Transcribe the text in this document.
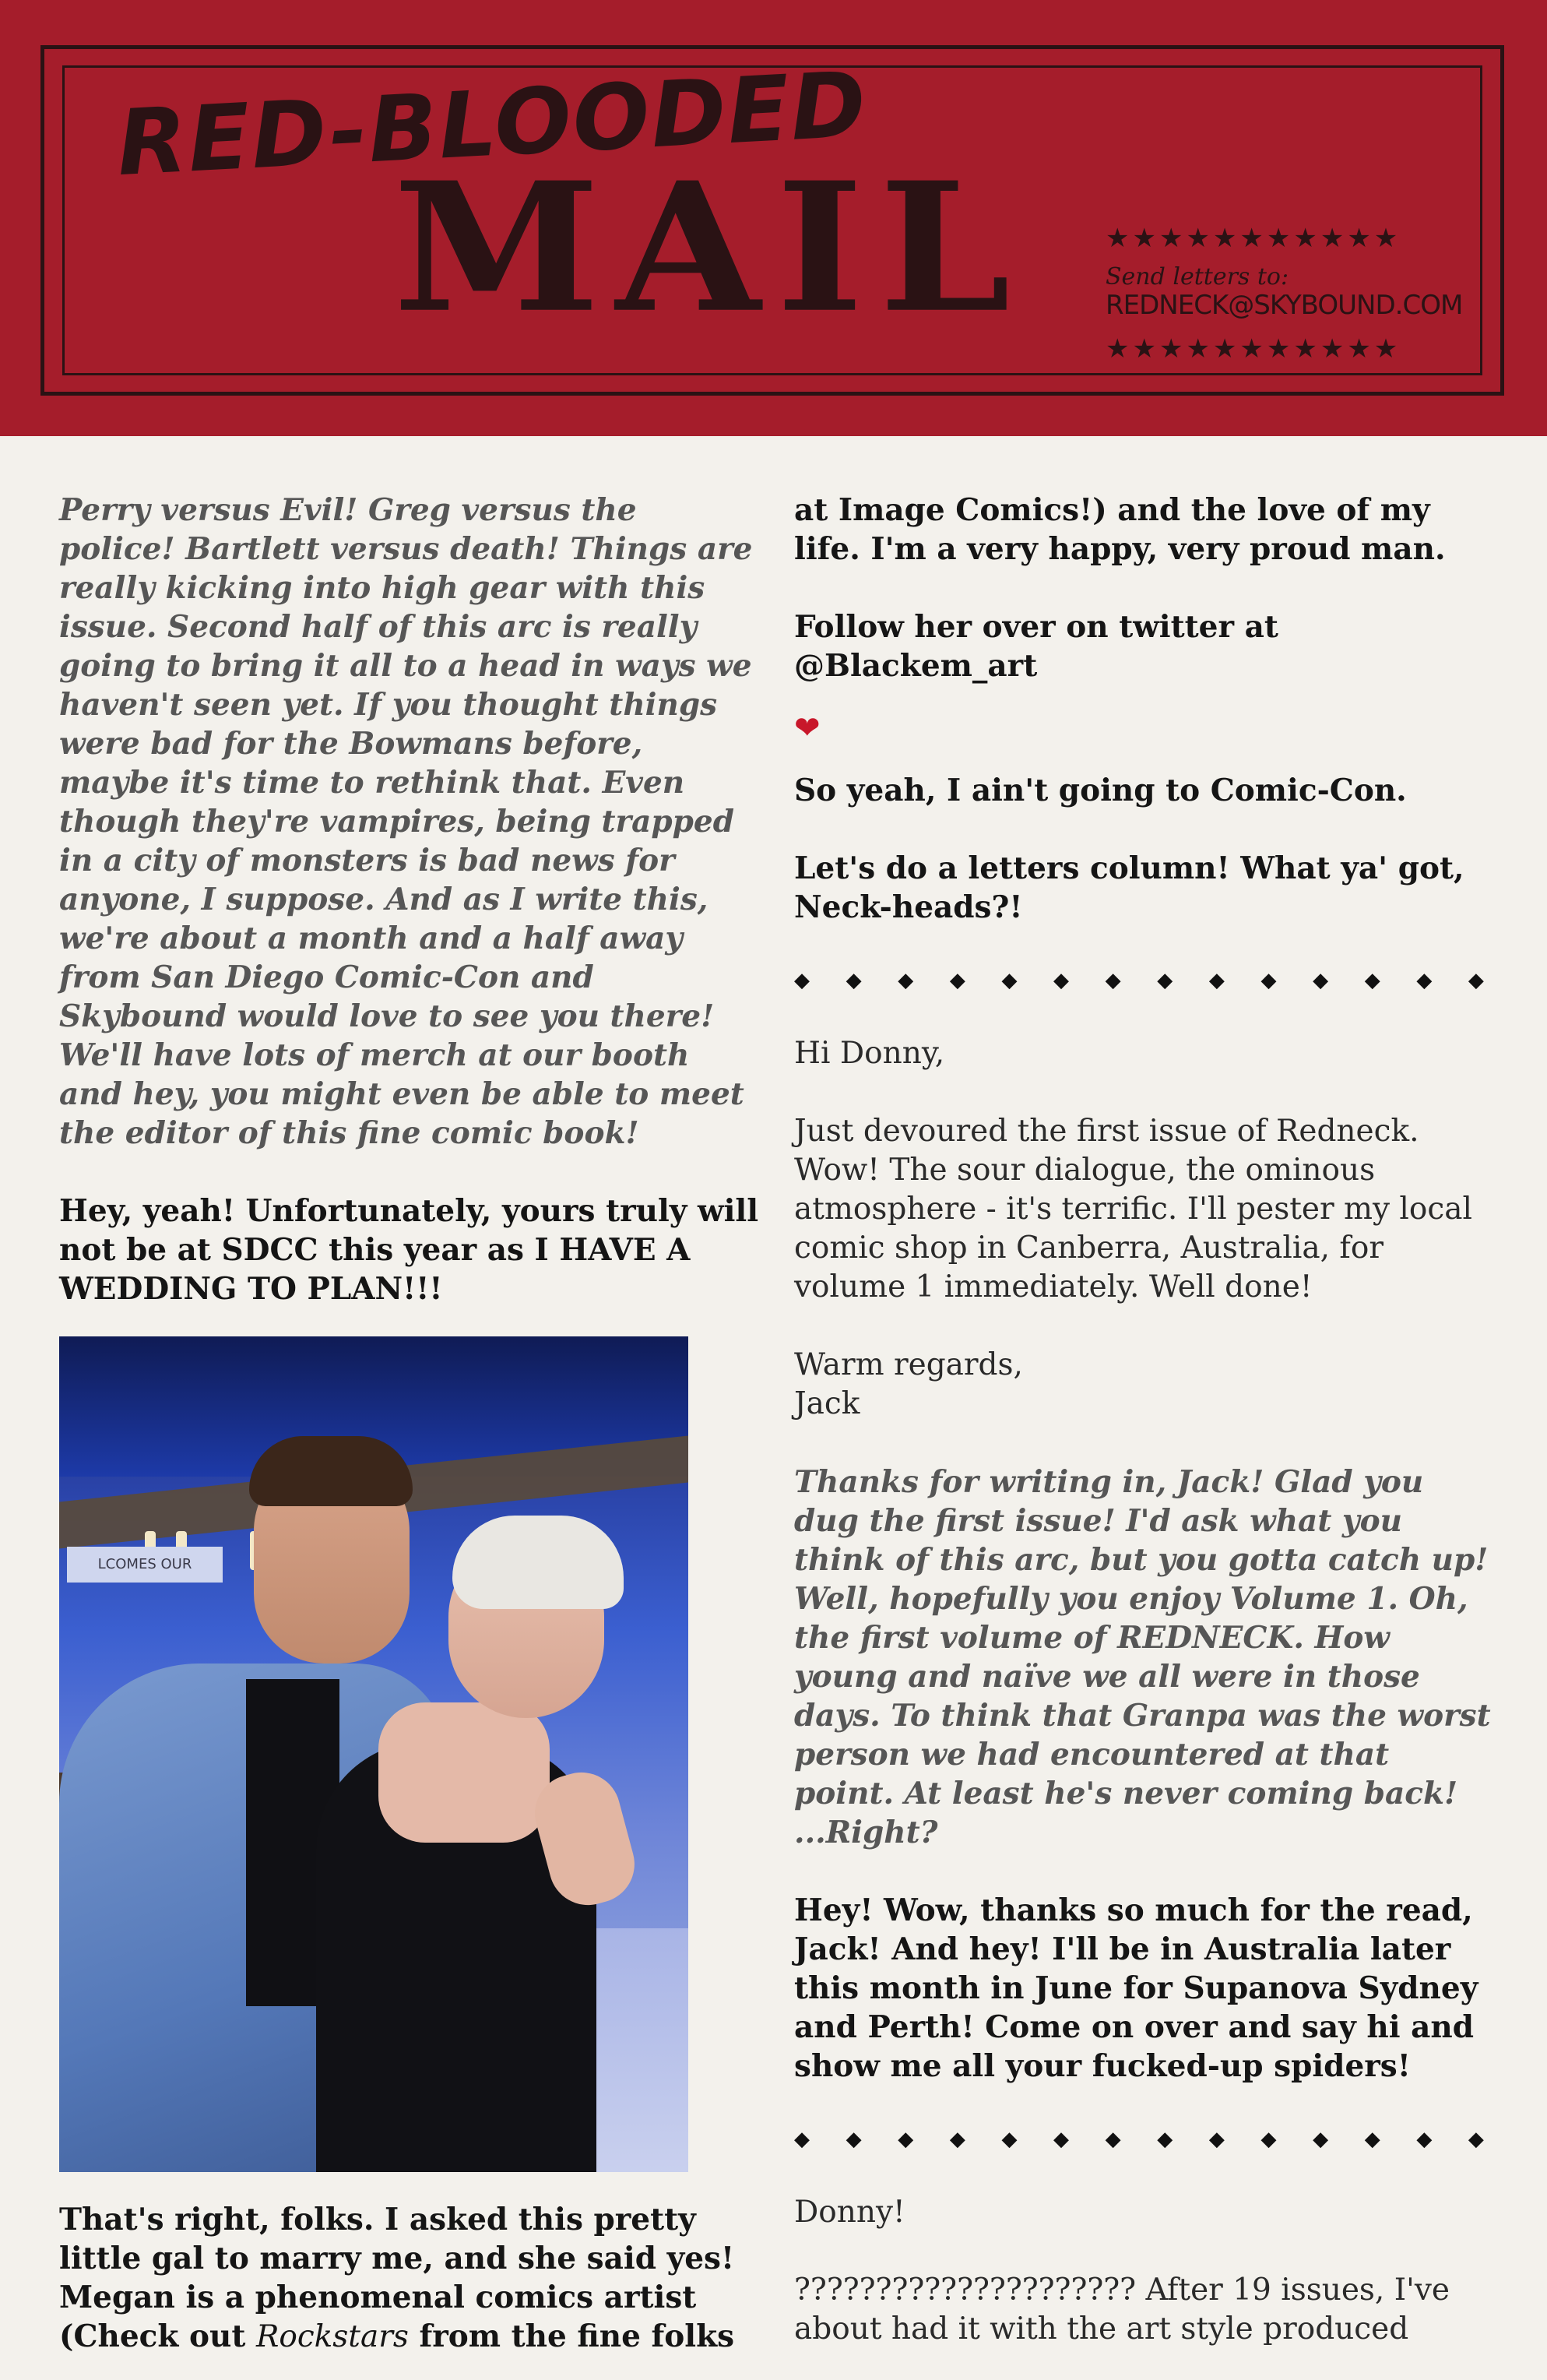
RED-BLOODED
MAIL	★★★★★★★★★★★
Send letters to:
REDNECK@SKYBOUND.COM
★★★★★★★★★★★

Perry versus Evil! Greg versus the police! Bartlett versus death! Things are really kicking into high gear with this issue. Second half of this arc is really going to bring it all to a head in ways we haven't seen yet. If you thought things were bad for the Bowmans before, maybe it's time to rethink that. Even though they're vampires, being trapped in a city of monsters is bad news for anyone, I suppose. And as I write this, we're about a month and a half away from San Diego Comic-Con and Skybound would love to see you there! We'll have lots of merch at our booth and hey, you might even be able to meet the editor of this fine comic book!

Hey, yeah! Unfortunately, yours truly will not be at SDCC this year as I HAVE A WEDDING TO PLAN!!!

LCOMES OUR

That's right, folks. I asked this pretty little gal to marry me, and she said yes! Megan is a phenomenal comics artist (Check out Rockstars from the fine folks

at Image Comics!) and the love of my life. I'm a very happy, very proud man.

Follow her over on twitter at @Blackem_art

❤

So yeah, I ain't going to Comic-Con.

Let's do a letters column! What ya' got, Neck-heads?!

◆ ◆ ◆ ◆ ◆ ◆ ◆ ◆ ◆ ◆ ◆ ◆ ◆ ◆

Hi Donny,

Just devoured the first issue of Redneck. Wow! The sour dialogue, the ominous atmosphere - it's terrific. I'll pester my local comic shop in Canberra, Australia, for volume 1 immediately. Well done!

Warm regards,

Jack

Thanks for writing in, Jack! Glad you dug the first issue! I'd ask what you think of this arc, but you gotta catch up! Well, hopefully you enjoy Volume 1. Oh, the first volume of REDNECK. How young and naïve we all were in those days. To think that Granpa was the worst person we had encountered at that point. At least he's never coming back! ...Right?

Hey! Wow, thanks so much for the read, Jack! And hey! I'll be in Australia later this month in June for Supanova Sydney and Perth! Come on over and say hi and show me all your fucked-up spiders!

◆ ◆ ◆ ◆ ◆ ◆ ◆ ◆ ◆ ◆ ◆ ◆ ◆ ◆

Donny!

????????????????????? After 19 issues, I've about had it with the art style produced
